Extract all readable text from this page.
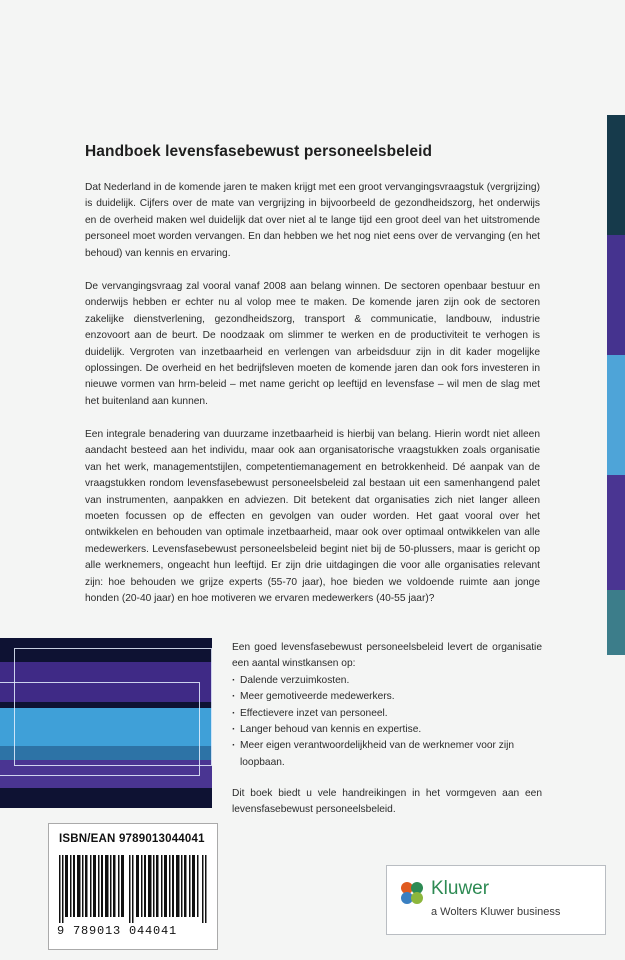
Handboek levensfasebewust personeelsbeleid

Dat Nederland in de komende jaren te maken krijgt met een groot vervangingsvraagstuk (vergrijzing) is duidelijk. Cijfers over de mate van vergrijzing in bijvoorbeeld de gezondheidszorg, het onderwijs en de overheid maken wel duidelijk dat over niet al te lange tijd een groot deel van het uitstromende personeel moet worden vervangen. En dan hebben we het nog niet eens over de vervanging (en het behoud) van kennis en ervaring.

De vervangingsvraag zal vooral vanaf 2008 aan belang winnen. De sectoren openbaar bestuur en onderwijs hebben er echter nu al volop mee te maken. De komende jaren zijn ook de sectoren zakelijke dienstverlening, gezondheidszorg, transport & communicatie, landbouw, industrie enzovoort aan de beurt. De noodzaak om slimmer te werken en de productiviteit te verhogen is duidelijk. Vergroten van inzetbaarheid en verlengen van arbeidsduur zijn in dit kader mogelijke oplossingen. De overheid en het bedrijfsleven moeten de komende jaren dan ook fors investeren in nieuwe vormen van hrm-beleid – met name gericht op leeftijd en levensfase – wil men de slag met het buitenland aan kunnen.

Een integrale benadering van duurzame inzetbaarheid is hierbij van belang. Hierin wordt niet alleen aandacht besteed aan het individu, maar ook aan organisatorische vraagstukken zoals organisatie van het werk, managementstijlen, competentiemanagement en betrokkenheid. Dé aanpak van de vraagstukken rondom levensfasebewust personeelsbeleid zal bestaan uit een samenhangend palet van instrumenten, aanpakken en adviezen. Dit betekent dat organisaties zich niet langer alleen moeten focussen op de effecten en gevolgen van ouder worden. Het gaat vooral over het ontwikkelen en behouden van optimale inzetbaarheid, maar ook over optimaal ontwikkelen van alle medewerkers. Levensfasebewust personeelsbeleid begint niet bij de 50-plussers, maar is gericht op alle werknemers, ongeacht hun leeftijd. Er zijn drie uitdagingen die voor alle organisaties relevant zijn: hoe behouden we grijze experts (55-70 jaar), hoe bieden we voldoende ruimte aan jonge honden (20-40 jaar) en hoe motiveren we ervaren medewerkers (40-55 jaar)?

Een goed levensfasebewust personeelsbeleid levert de organisatie een aantal winstkansen op:

· Dalende verzuimkosten.
· Meer gemotiveerde medewerkers.
· Effectievere inzet van personeel.
· Langer behoud van kennis en expertise.
· Meer eigen verantwoordelijkheid van de werknemer voor zijn loopbaan.

Dit boek biedt u vele handreikingen in het vormgeven aan een levensfasebewust personeelsbeleid.

ISBN/EAN 9789013044041
9 789013 044041
Kluwer
a Wolters Kluwer business
